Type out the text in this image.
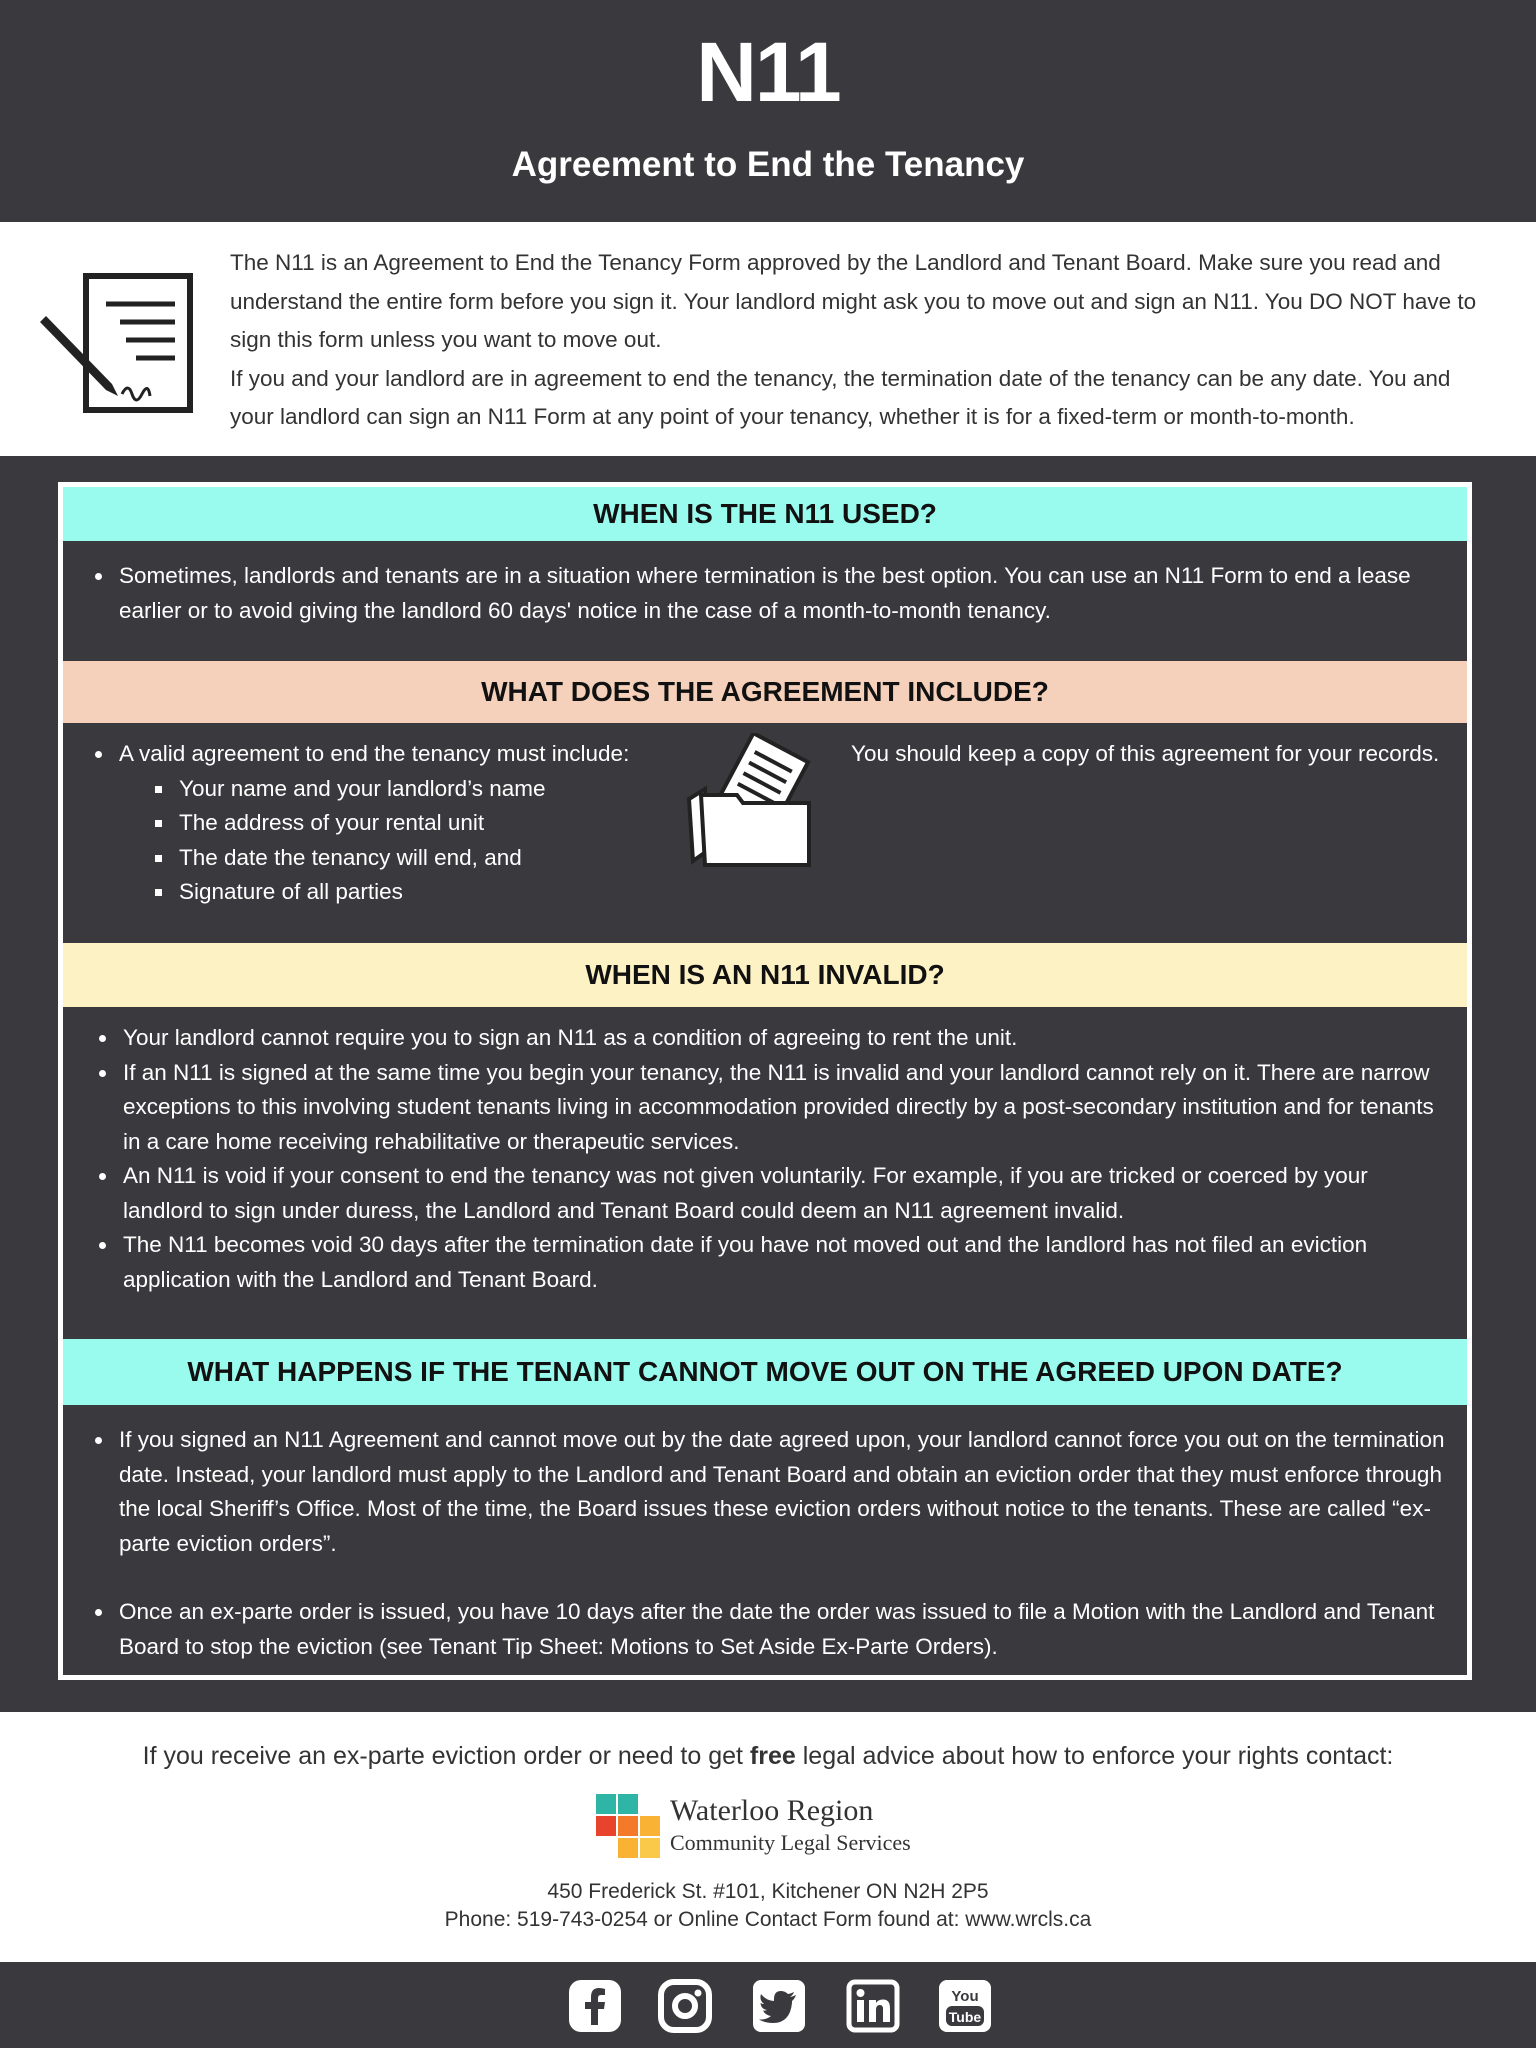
N11
Agreement to End the Tenancy

The N11 is an Agreement to End the Tenancy Form approved by the Landlord and Tenant Board. Make sure you read and understand the entire form before you sign it. Your landlord might ask you to move out and sign an N11. You DO NOT have to sign this form unless you want to move out.

If you and your landlord are in agreement to end the tenancy, the termination date of the tenancy can be any date. You and your landlord can sign an N11 Form at any point of your tenancy, whether it is for a fixed-term or month-to-month.

WHEN IS THE N11 USED?
• Sometimes, landlords and tenants are in a situation where termination is the best option. You can use an N11 Form to end a lease earlier or to avoid giving the landlord 60 days' notice in the case of a month-to-month tenancy.
WHAT DOES THE AGREEMENT INCLUDE?
• A valid agreement to end the tenancy must include:
▪ Your name and your landlord’s name
▪ The address of your rental unit
▪ The date the tenancy will end, and
▪ Signature of all parties
You should keep a copy of this agreement for your records.
WHEN IS AN N11 INVALID?
• Your landlord cannot require you to sign an N11 as a condition of agreeing to rent the unit.
• If an N11 is signed at the same time you begin your tenancy, the N11 is invalid and your landlord cannot rely on it. There are narrow exceptions to this involving student tenants living in accommodation provided directly by a post-secondary institution and for tenants in a care home receiving rehabilitative or therapeutic services.
• An N11 is void if your consent to end the tenancy was not given voluntarily. For example, if you are tricked or coerced by your landlord to sign under duress, the Landlord and Tenant Board could deem an N11 agreement invalid.
• The N11 becomes void 30 days after the termination date if you have not moved out and the landlord has not filed an eviction application with the Landlord and Tenant Board.
WHAT HAPPENS IF THE TENANT CANNOT MOVE OUT ON THE AGREED UPON DATE?
• If you signed an N11 Agreement and cannot move out by the date agreed upon, your landlord cannot force you out on the termination date. Instead, your landlord must apply to the Landlord and Tenant Board and obtain an eviction order that they must enforce through the local Sheriff’s Office. Most of the time, the Board issues these eviction orders without notice to the tenants. These are called “ex-parte eviction orders”.
• Once an ex-parte order is issued, you have 10 days after the date the order was issued to file a Motion with the Landlord and Tenant Board to stop the eviction (see Tenant Tip Sheet: Motions to Set Aside Ex-Parte Orders).
If you receive an ex-parte eviction order or need to get free legal advice about how to enforce your rights contact:
Waterloo Region
Community Legal Services
450 Frederick St. #101, Kitchener ON N2H 2P5
Phone: 519-743-0254 or Online Contact Form found at: www.wrcls.ca
You
Tube
